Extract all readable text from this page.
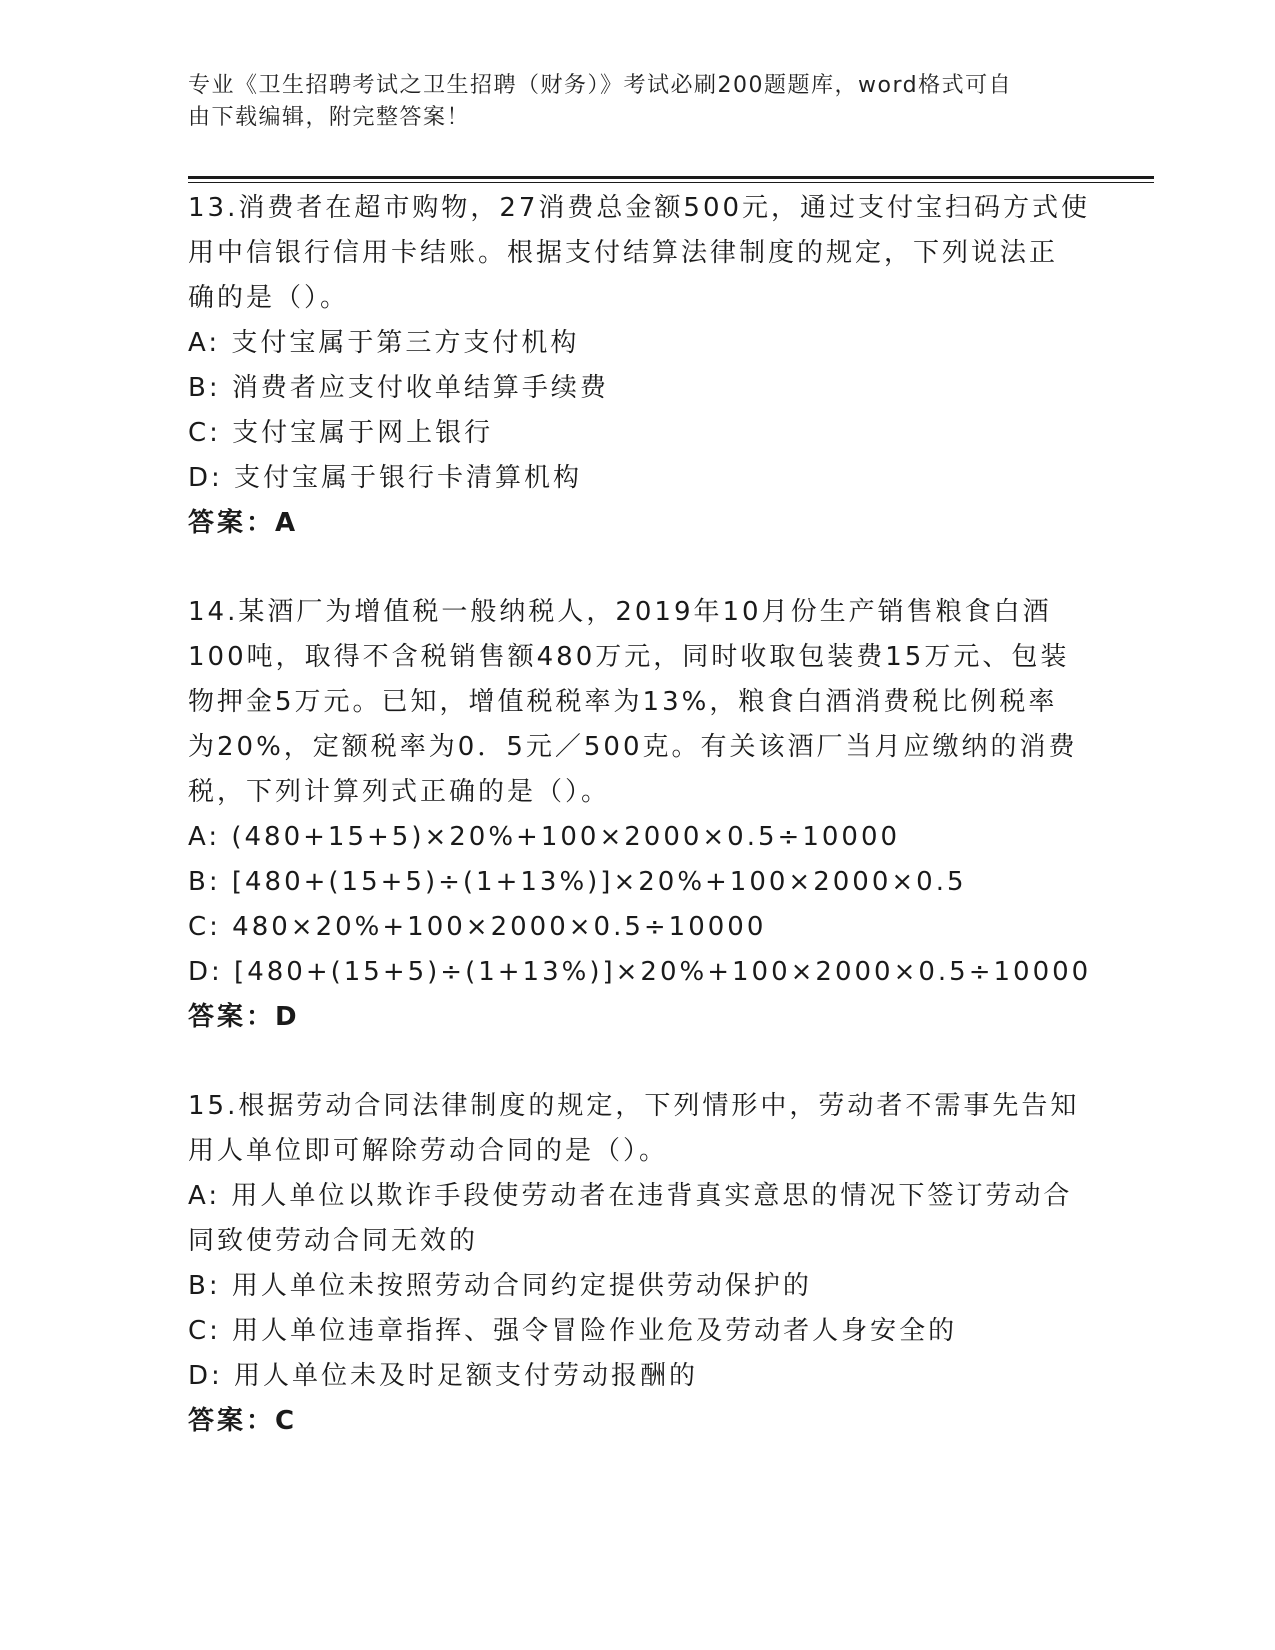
专业《卫生招聘考试之卫生招聘（财务）》考试必刷200题题库，word格式可自
由下载编辑，附完整答案！
13.消费者在超市购物，27消费总金额500元，通过支付宝扫码方式使
用中信银行信用卡结账。根据支付结算法律制度的规定，下列说法正
确的是（）。
A: 支付宝属于第三方支付机构
B: 消费者应支付收单结算手续费
C: 支付宝属于网上银行
D: 支付宝属于银行卡清算机构
答案：A
14.某酒厂为增值税一般纳税人，2019年10月份生产销售粮食白酒
100吨，取得不含税销售额480万元，同时收取包装费15万元、包装
物押金5万元。已知，增值税税率为13%，粮食白酒消费税比例税率
为20%，定额税率为0．5元／500克。有关该酒厂当月应缴纳的消费
税，下列计算列式正确的是（）。
A: (480+15+5)×20%+100×2000×0.5÷10000
B: [480+(15+5)÷(1+13%)]×20%+100×2000×0.5
C: 480×20%+100×2000×0.5÷10000
D: [480+(15+5)÷(1+13%)]×20%+100×2000×0.5÷10000
答案：D
15.根据劳动合同法律制度的规定，下列情形中，劳动者不需事先告知
用人单位即可解除劳动合同的是（）。
A: 用人单位以欺诈手段使劳动者在违背真实意思的情况下签订劳动合
同致使劳动合同无效的
B: 用人单位未按照劳动合同约定提供劳动保护的
C: 用人单位违章指挥、强令冒险作业危及劳动者人身安全的
D: 用人单位未及时足额支付劳动报酬的
答案：C
